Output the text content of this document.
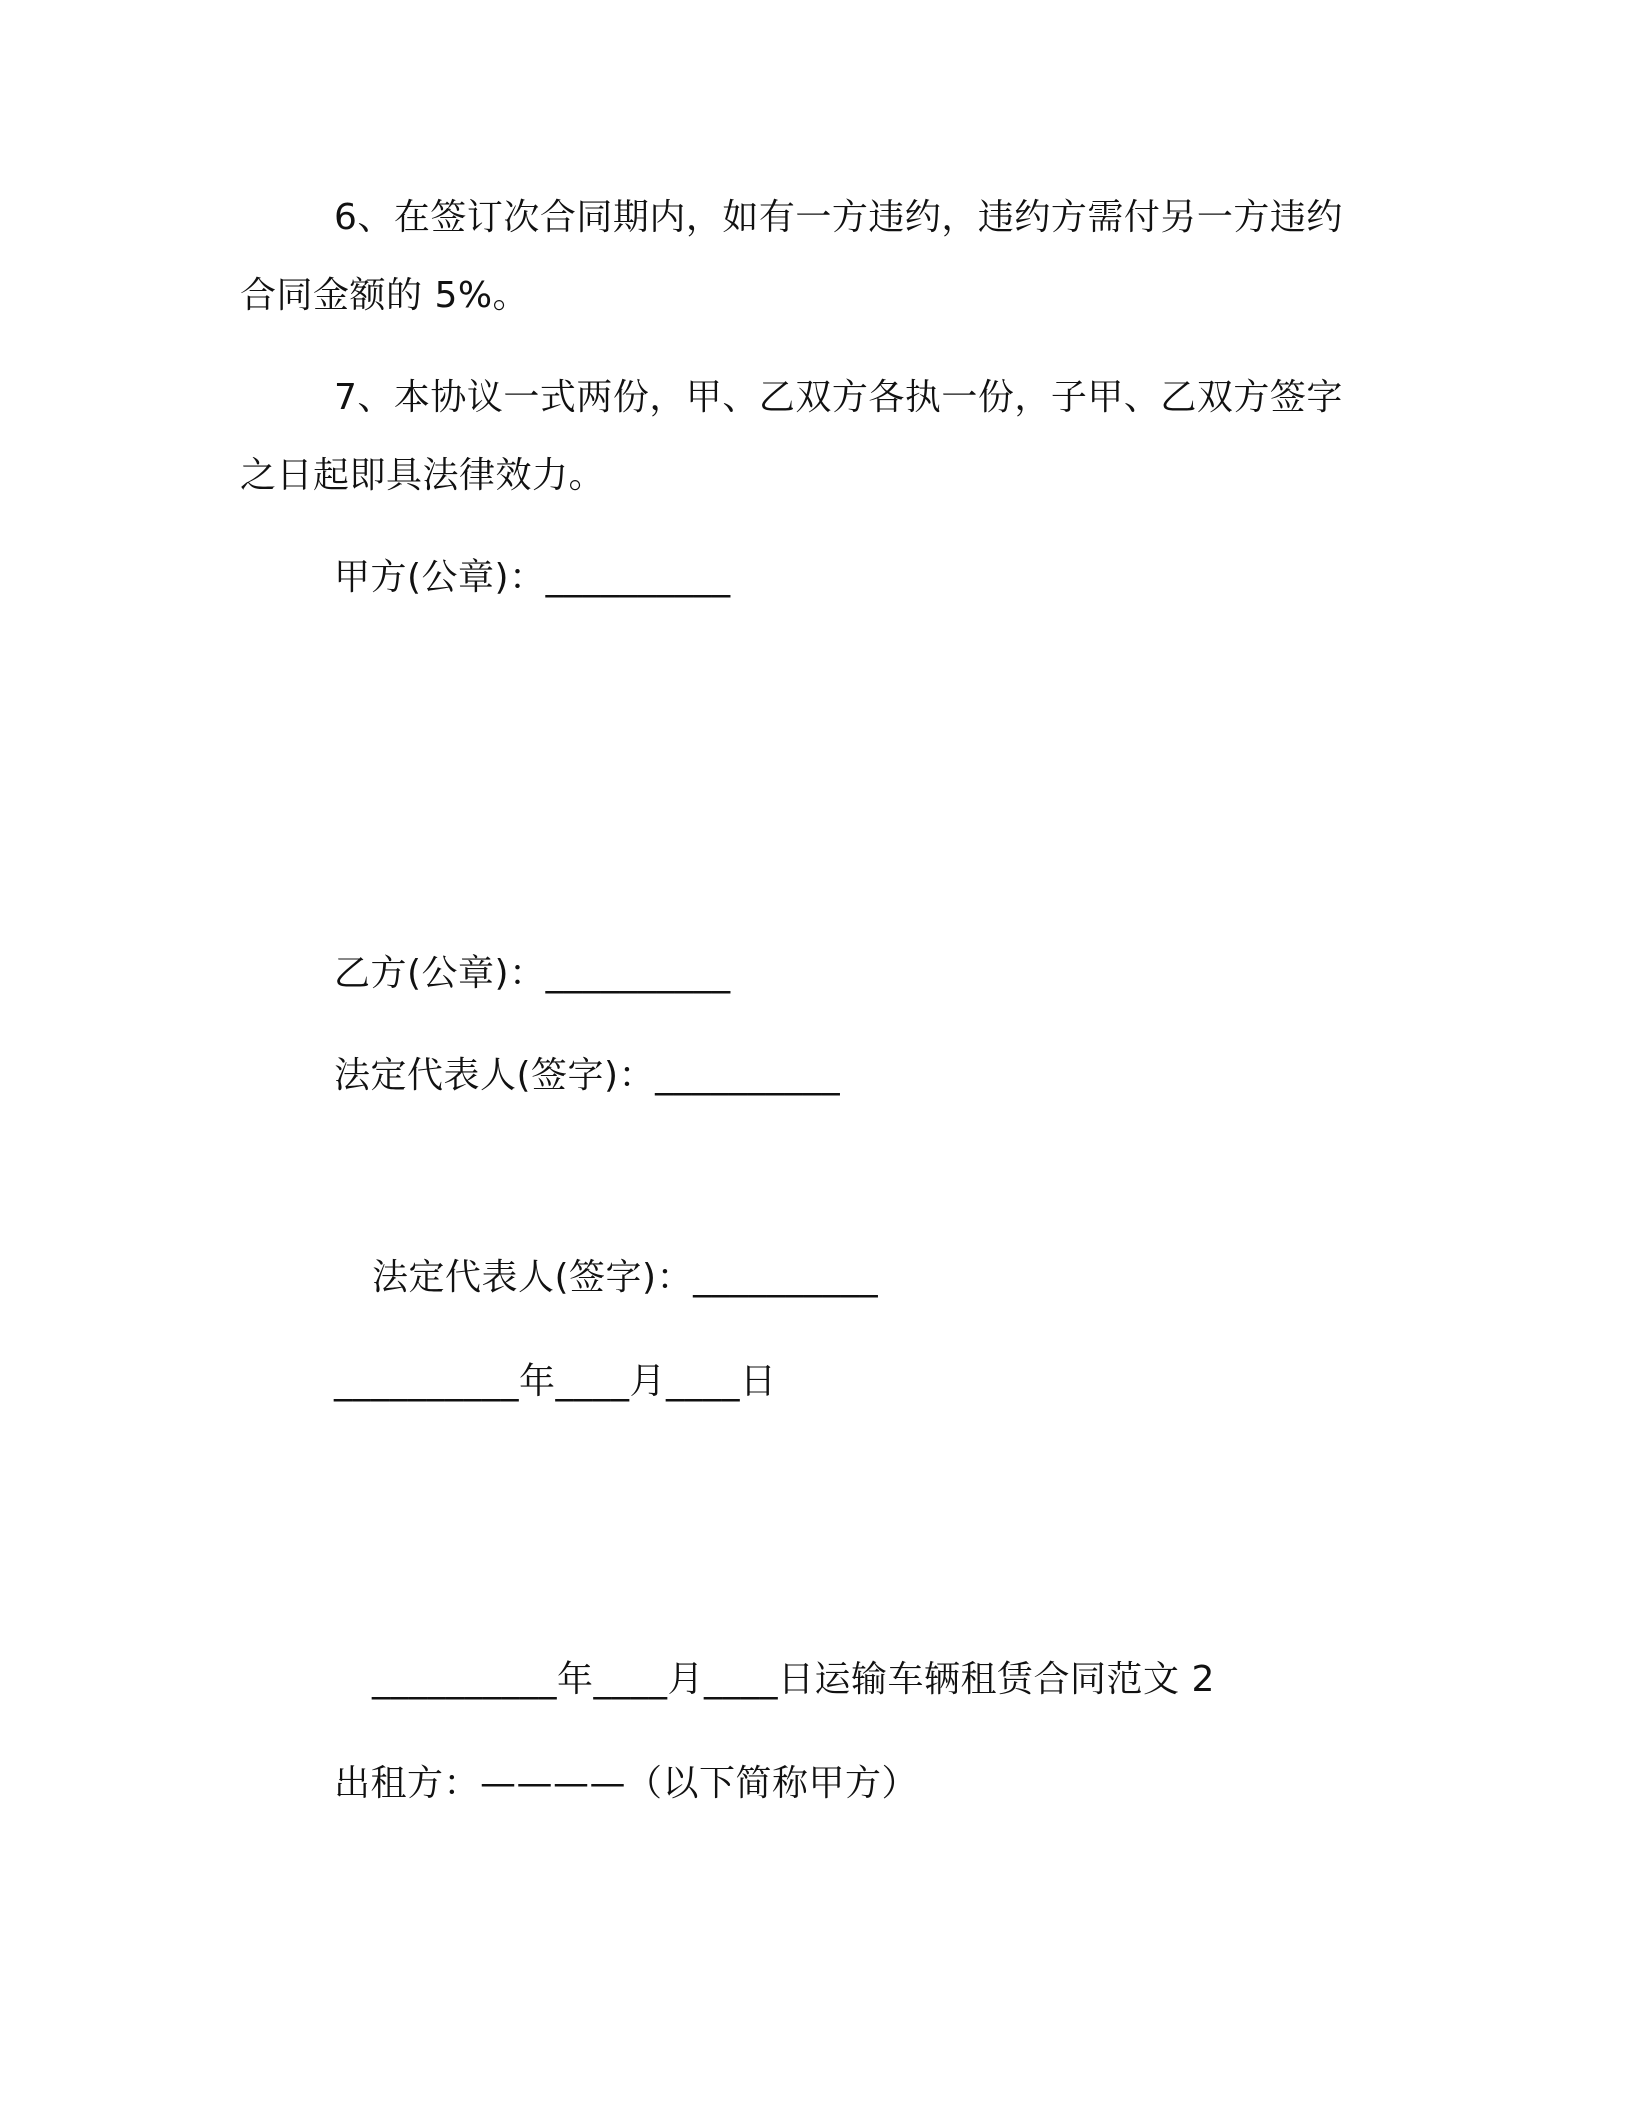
6、在签订次合同期内，如有一方违约，违约方需付另一方违约
合同金额的 5%。
7、本协议一式两份，甲、乙双方各执一份，子甲、乙双方签字
之日起即具法律效力。
甲方(公章)：__________
乙方(公章)：__________
法定代表人(签字)：__________
法定代表人(签字)：__________
__________年____月____日
__________年____月____日运输车辆租赁合同范文 2
出租方：————（以下简称甲方）
